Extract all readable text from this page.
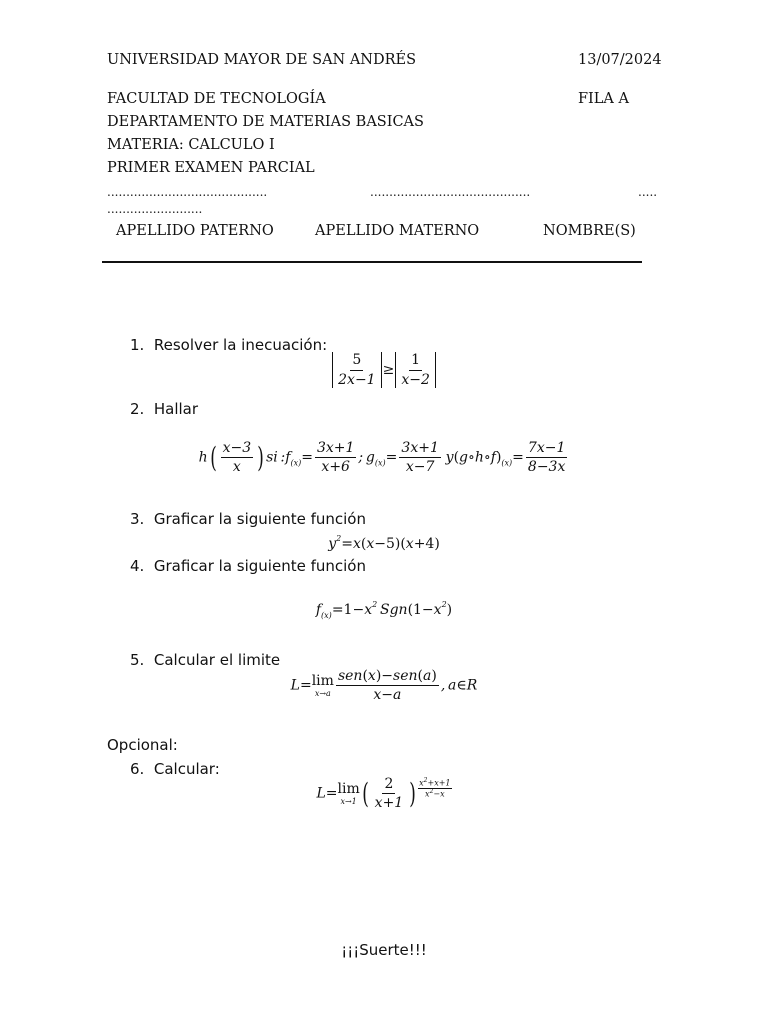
UNIVERSIDAD MAYOR DE SAN ANDRÉS	13/07/2024
FACULTAD DE TECNOLOGÍA	FILA A
DEPARTAMENTO DE MATERIAS BASICAS
MATERIA: CALCULO I
PRIMER EXAMEN PARCIAL
..........................................	..........................................	.....
.........................
APELLIDO PATERNO	APELLIDO MATERNO	NOMBRE(S)
1. Resolver la inecuación:
$\frac{5}{2x-1} \ge \frac{1}{x-2}$
2. Hallar
$h( \frac{x-3}{x}$ ) si $:f_{(x)}= \frac{3x+1}{x+6}$ ; $g_{(x)}= \frac{3x+1}{x-7}$  $y(g\circ h\circ f)_{(x)}= \frac{7x-1}{8-3x}$
3. Graficar la siguiente función
$y^2=x(x-5)(x+4)$
4. Graficar la siguiente función
$f_{(x)}=1-x^2$ $Sgn(1-x^2)$
5.  Calcular el limite
L= lim
$x\to a \frac{\text{sen(x)−sen(a)}}{x-a}$ , a∈R
Opcional:
6. Calcular:
L= lim
x→1 ( $\frac{2}{x+1}$ ) $\frac{x^2+x+1}{x^2-x}$
¡¡¡Suerte!!!
